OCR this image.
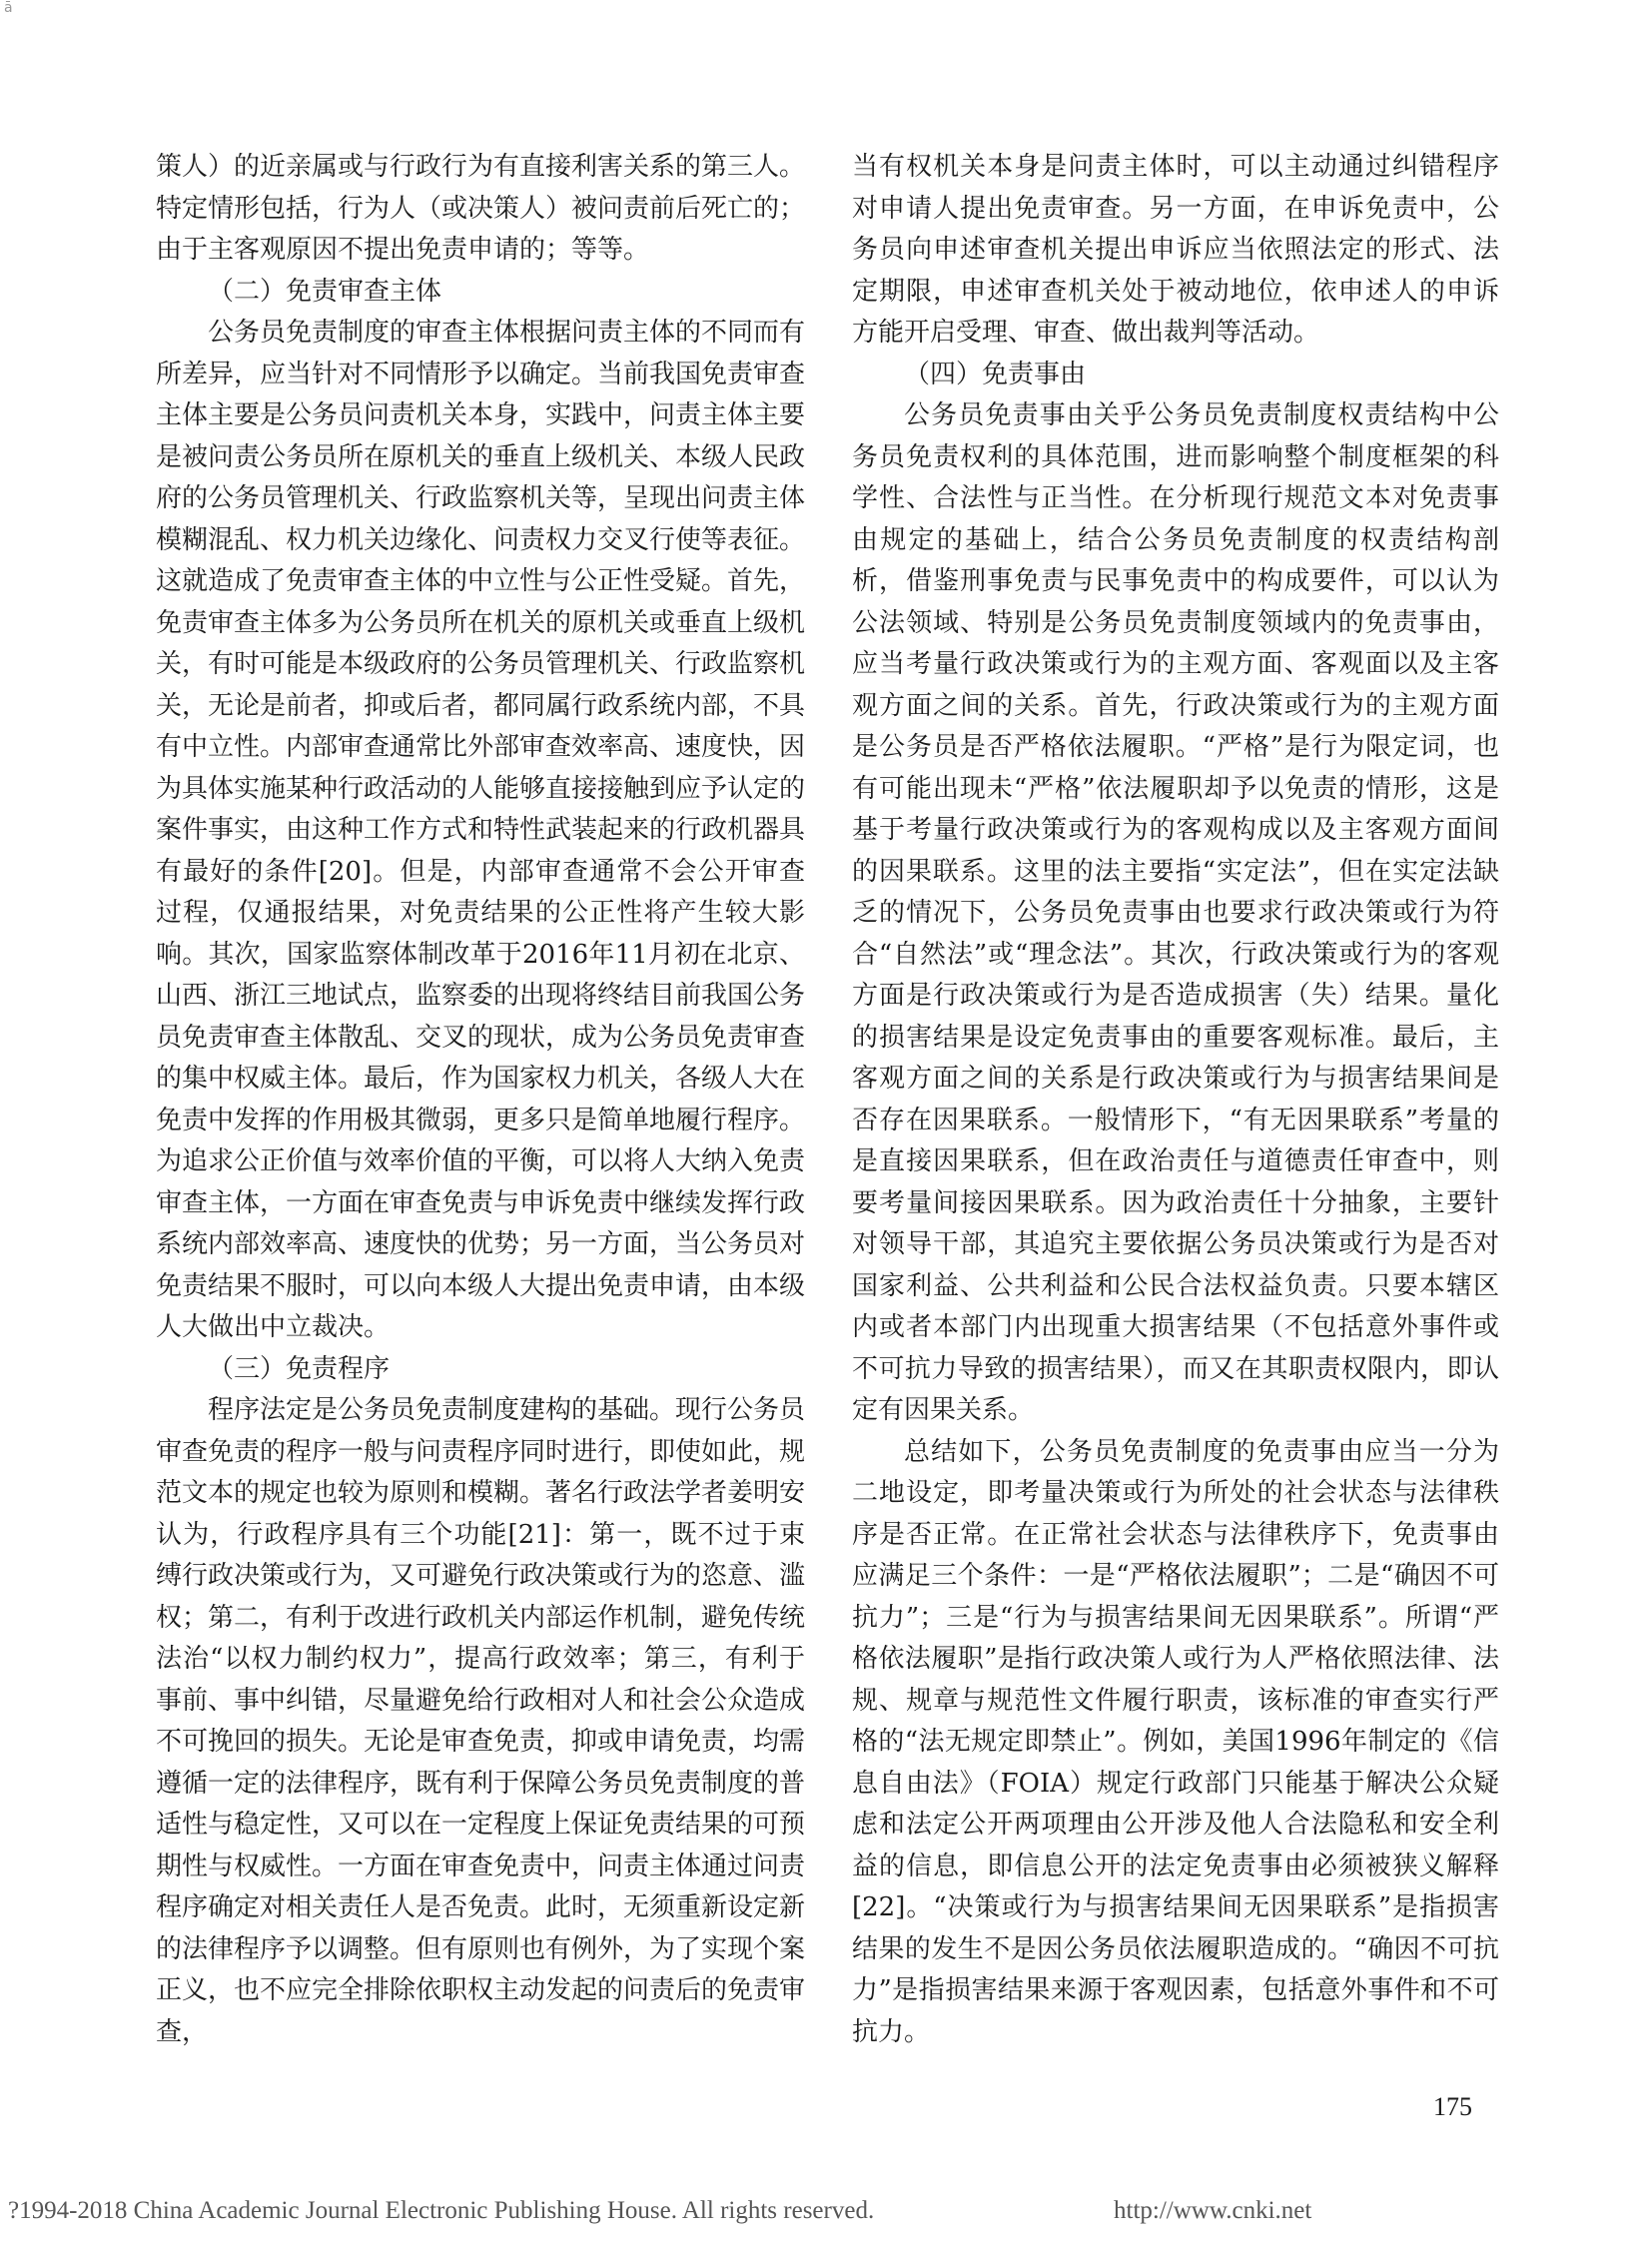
ā

策人）的近亲属或与行政行为有直接利害关系的第三人。特定情形包括，行为人（或决策人）被问责前后死亡的；由于主客观原因不提出免责申请的；等等。

（二）免责审查主体

公务员免责制度的审查主体根据问责主体的不同而有所差异，应当针对不同情形予以确定。当前我国免责审查主体主要是公务员问责机关本身，实践中，问责主体主要是被问责公务员所在原机关的垂直上级机关、本级人民政府的公务员管理机关、行政监察机关等，呈现出问责主体模糊混乱、权力机关边缘化、问责权力交叉行使等表征。这就造成了免责审查主体的中立性与公正性受疑。首先，免责审查主体多为公务员所在机关的原机关或垂直上级机关，有时可能是本级政府的公务员管理机关、行政监察机关，无论是前者，抑或后者，都同属行政系统内部，不具有中立性。内部审查通常比外部审查效率高、速度快，因为具体实施某种行政活动的人能够直接接触到应予认定的案件事实，由这种工作方式和特性武装起来的行政机器具有最好的条件[20]。但是，内部审查通常不会公开审查过程，仅通报结果，对免责结果的公正性将产生较大影响。其次，国家监察体制改革于2016年11月初在北京、山西、浙江三地试点，监察委的出现将终结目前我国公务员免责审查主体散乱、交叉的现状，成为公务员免责审查的集中权威主体。最后，作为国家权力机关，各级人大在免责中发挥的作用极其微弱，更多只是简单地履行程序。为追求公正价值与效率价值的平衡，可以将人大纳入免责审查主体，一方面在审查免责与申诉免责中继续发挥行政系统内部效率高、速度快的优势；另一方面，当公务员对免责结果不服时，可以向本级人大提出免责申请，由本级人大做出中立裁决。

（三）免责程序

程序法定是公务员免责制度建构的基础。现行公务员审查免责的程序一般与问责程序同时进行，即使如此，规范文本的规定也较为原则和模糊。著名行政法学者姜明安认为，行政程序具有三个功能[21]：第一，既不过于束缚行政决策或行为，又可避免行政决策或行为的恣意、滥权；第二，有利于改进行政机关内部运作机制，避免传统法治“以权力制约权力”，提高行政效率；第三，有利于事前、事中纠错，尽量避免给行政相对人和社会公众造成不可挽回的损失。无论是审查免责，抑或申请免责，均需遵循一定的法律程序，既有利于保障公务员免责制度的普适性与稳定性，又可以在一定程度上保证免责结果的可预期性与权威性。一方面在审查免责中，问责主体通过问责程序确定对相关责任人是否免责。此时，无须重新设定新的法律程序予以调整。但有原则也有例外，为了实现个案正义，也不应完全排除依职权主动发起的问责后的免责审查，

当有权机关本身是问责主体时，可以主动通过纠错程序对申请人提出免责审查。另一方面，在申诉免责中，公务员向申述审查机关提出申诉应当依照法定的形式、法定期限，申述审查机关处于被动地位，依申述人的申诉方能开启受理、审查、做出裁判等活动。

（四）免责事由

公务员免责事由关乎公务员免责制度权责结构中公务员免责权利的具体范围，进而影响整个制度框架的科学性、合法性与正当性。在分析现行规范文本对免责事由规定的基础上，结合公务员免责制度的权责结构剖析，借鉴刑事免责与民事免责中的构成要件，可以认为公法领域、特别是公务员免责制度领域内的免责事由，应当考量行政决策或行为的主观方面、客观面以及主客观方面之间的关系。首先，行政决策或行为的主观方面是公务员是否严格依法履职。“严格”是行为限定词，也有可能出现未“严格”依法履职却予以免责的情形，这是基于考量行政决策或行为的客观构成以及主客观方面间的因果联系。这里的法主要指“实定法”，但在实定法缺乏的情况下，公务员免责事由也要求行政决策或行为符合“自然法”或“理念法”。其次，行政决策或行为的客观方面是行政决策或行为是否造成损害（失）结果。量化的损害结果是设定免责事由的重要客观标准。最后，主客观方面之间的关系是行政决策或行为与损害结果间是否存在因果联系。一般情形下，“有无因果联系”考量的是直接因果联系，但在政治责任与道德责任审查中，则要考量间接因果联系。因为政治责任十分抽象，主要针对领导干部，其追究主要依据公务员决策或行为是否对国家利益、公共利益和公民合法权益负责。只要本辖区内或者本部门内出现重大损害结果（不包括意外事件或不可抗力导致的损害结果），而又在其职责权限内，即认定有因果关系。

总结如下，公务员免责制度的免责事由应当一分为二地设定，即考量决策或行为所处的社会状态与法律秩序是否正常。在正常社会状态与法律秩序下，免责事由应满足三个条件：一是“严格依法履职”；二是“确因不可抗力”；三是“行为与损害结果间无因果联系”。所谓“严格依法履职”是指行政决策人或行为人严格依照法律、法规、规章与规范性文件履行职责，该标准的审查实行严格的“法无规定即禁止”。例如，美国1996年制定的《信息自由法》（FOIA）规定行政部门只能基于解决公众疑虑和法定公开两项理由公开涉及他人合法隐私和安全利益的信息，即信息公开的法定免责事由必须被狭义解释[22]。“决策或行为与损害结果间无因果联系”是指损害结果的发生不是因公务员依法履职造成的。“确因不可抗力”是指损害结果来源于客观因素，包括意外事件和不可抗力。

175
?1994-2018 China Academic Journal Electronic Publishing House. All rights reserved.	http://www.cnki.net
